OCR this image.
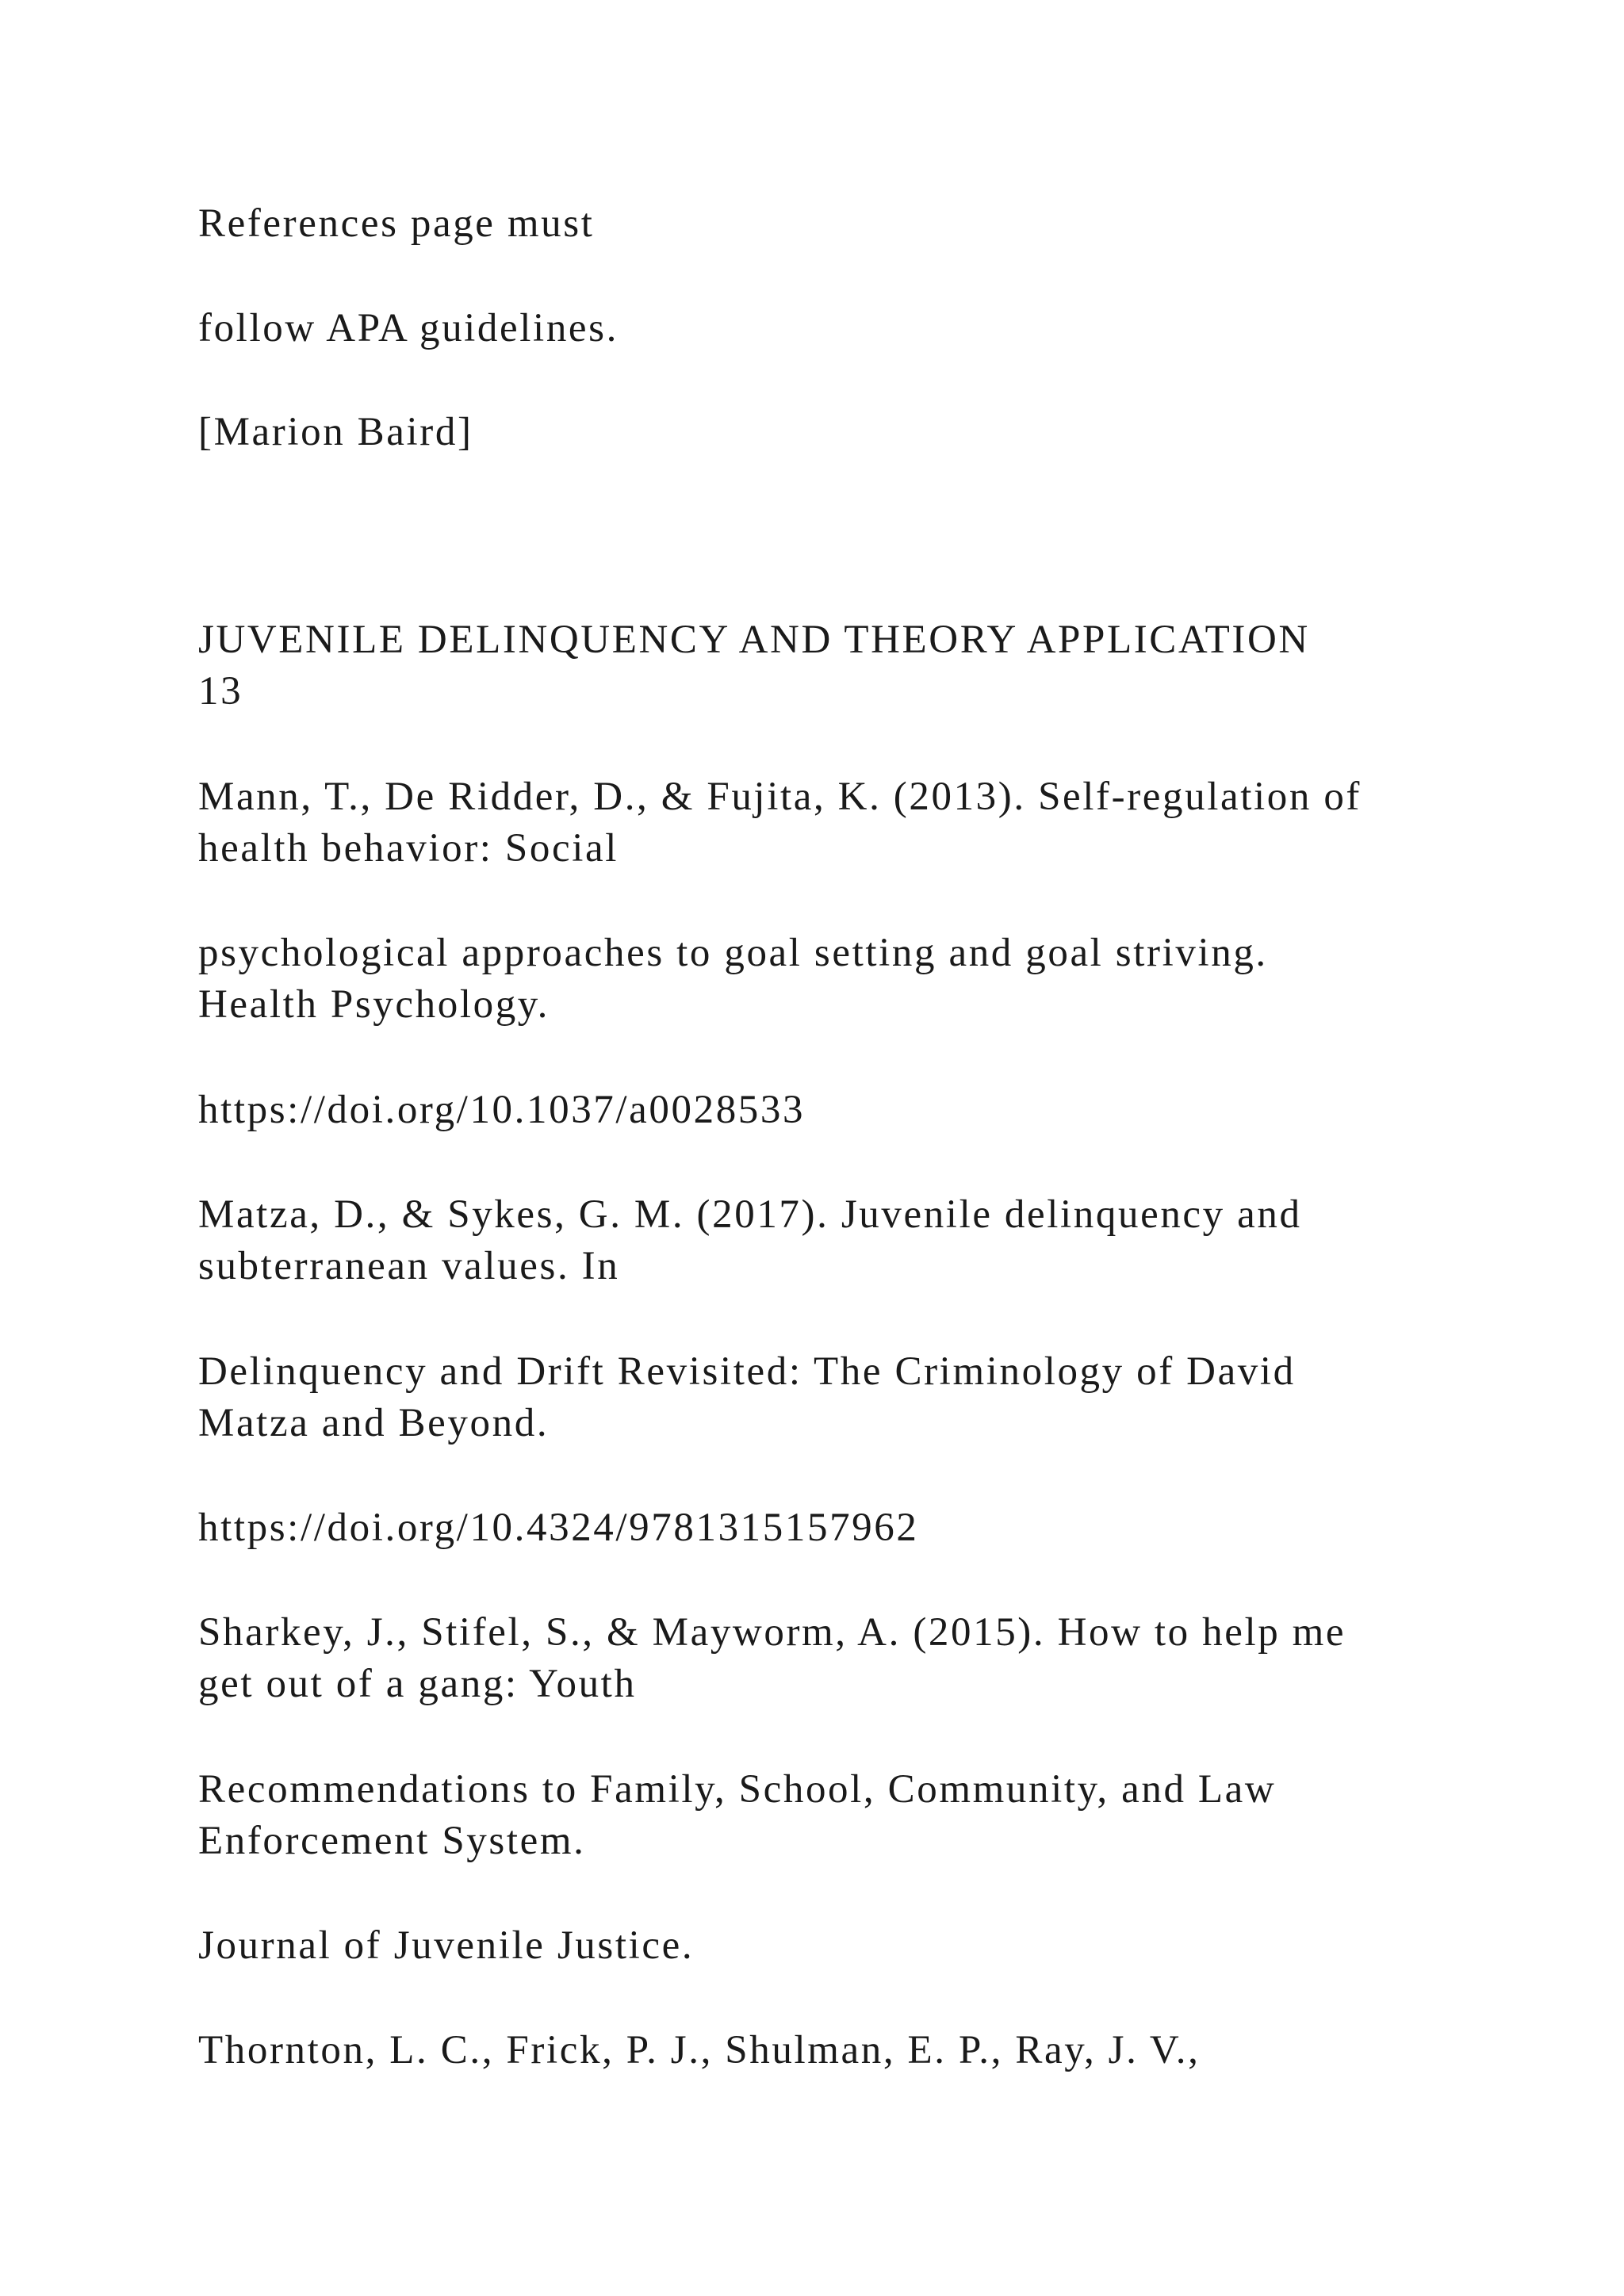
References page must

follow APA guidelines.

[Marion Baird]

JUVENILE DELINQUENCY AND THEORY APPLICATION
13

Mann, T., De Ridder, D., & Fujita, K. (2013). Self-regulation of
health behavior: Social

psychological approaches to goal setting and goal striving.
Health Psychology.

https://doi.org/10.1037/a0028533

Matza, D., & Sykes, G. M. (2017). Juvenile delinquency and
subterranean values. In

Delinquency and Drift Revisited: The Criminology of David
Matza and Beyond.

https://doi.org/10.4324/9781315157962

Sharkey, J., Stifel, S., & Mayworm, A. (2015). How to help me
get out of a gang: Youth

Recommendations to Family, School, Community, and Law
Enforcement System.

Journal of Juvenile Justice.

Thornton, L. C., Frick, P. J., Shulman, E. P., Ray, J. V.,
